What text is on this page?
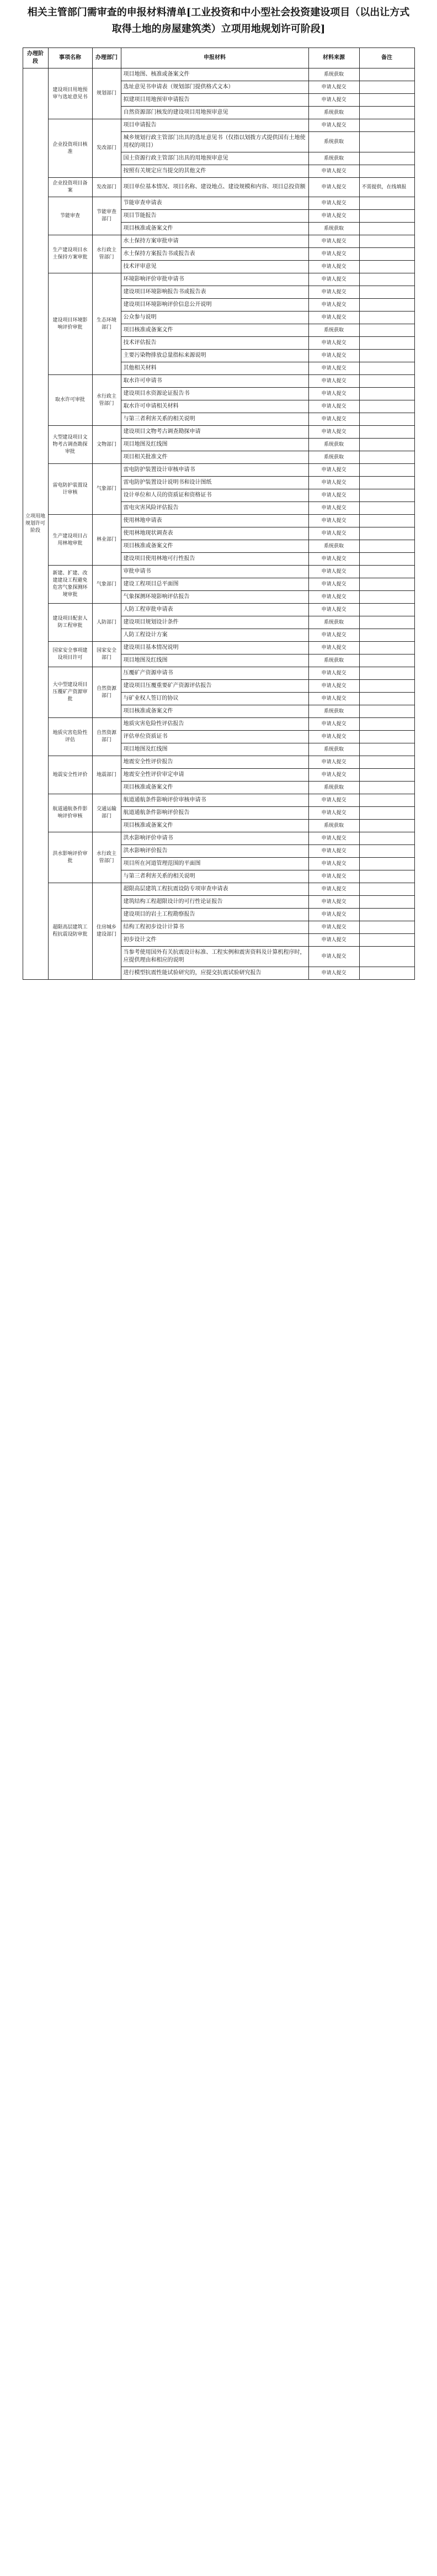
相关主管部门需审查的申报材料清单[工业投资和中小型社会投资建设项目（以出让方式取得土地的房屋建筑类）立项用地规划许可阶段]
办理阶段	事项名称	办理部门	申报材料	材料来源	备注
立项用地规划许可阶段	建设项目用地预审与选址意见书	规划部门	项目地图、核准或备案文件	系统获取	
			选址意见书申请表（规划部门提供格式文本）	申请人提交	
			拟建项目用地预审申请报告	申请人提交	
			自然资源部门核发的建设项目用地预审意见	系统获取	
	企业投资项目核准	发改部门	项目申请报告	申请人提交	
			城乡规划行政主管部门出具的选址意见书（仅指以划拨方式提供国有土地使用权的项目）	系统获取	
			国土资源行政主管部门出具的用地预审意见	系统获取	
			按照有关规定应当提交的其他文件	申请人提交	
	企业投资项目备案	发改部门	项目单位基本情况、项目名称、建设地点、建设规模和内容、项目总投资额	申请人提交	不需提供，在线填报
	节能审查	节能审查部门	节能审查申请表	申请人提交	
			项目节能报告	申请人提交	
			项目核准或备案文件	系统获取	
	生产建设项目水土保持方案审批	水行政主管部门	水土保持方案审批申请	申请人提交	
			水土保持方案报告书或报告表	申请人提交	
			技术评审意见	申请人提交	
	建设项目环境影响评价审批	生态环境部门	环境影响评价审批申请书	申请人提交	
			建设项目环境影响报告书或报告表	申请人提交	
			建设项目环境影响评价信息公开说明	申请人提交	
			公众参与说明	申请人提交	
			项目核准或备案文件	系统获取	
			技术评估报告	申请人提交	
			主要污染物排放总量指标来源说明	申请人提交	
			其他相关材料	申请人提交	
	取水许可审批	水行政主管部门	取水许可申请书	申请人提交	
			建设项目水资源论证报告书	申请人提交	
			取水许可申请相关材料	申请人提交	
			与第三者利害关系的相关说明	申请人提交	
	大型建设项目文物考古调查勘探审批	文物部门	建设项目文物考古调查勘探申请	申请人提交	
			项目地图及红线图	系统获取	
			项目相关批准文件	系统获取	
	雷电防护装置设计审核	气象部门	雷电防护装置设计审核申请书	申请人提交	
			雷电防护装置设计说明书和设计图纸	申请人提交	
			设计单位和人员的资质证和资格证书	申请人提交	
			雷电灾害风险评估报告	申请人提交	
	生产建设项目占用林地审批	林业部门	使用林地申请表	申请人提交	
			使用林地现状调查表	申请人提交	
			项目核准或备案文件	系统获取	
			建设项目使用林地可行性报告	申请人提交	
	新建、扩建、改建建设工程避免危害气象探测环境审批	气象部门	审批申请书	申请人提交	
			建设工程项目总平面图	申请人提交	
			气象探测环境影响评估报告	申请人提交	
	建设项目配套人防工程审批	人防部门	人防工程审批申请表	申请人提交	
			建设项目规划设计条件	系统获取	
			人防工程设计方案	申请人提交	
	国家安全事项建设项目许可	国家安全部门	建设项目基本情况说明	申请人提交	
			项目地图及红线图	系统获取	
	大中型建设项目压覆矿产资源审批	自然资源部门	压覆矿产资源申请书	申请人提交	
			建设项目压覆重要矿产资源评估报告	申请人提交	
			与矿业权人签订的协议	申请人提交	
			项目核准或备案文件	系统获取	
	地质灾害危险性评估	自然资源部门	地质灾害危险性评估报告	申请人提交	
			评估单位资质证书	申请人提交	
			项目地图及红线图	系统获取	
	地震安全性评价	地震部门	地震安全性评价报告	申请人提交	
			地震安全性评价审定申请	申请人提交	
			项目核准或备案文件	系统获取	
	航道通航条件影响评价审核	交通运输部门	航道通航条件影响评价审核申请书	申请人提交	
			航道通航条件影响评价报告	申请人提交	
			项目核准或备案文件	系统获取	
	洪水影响评价审批	水行政主管部门	洪水影响评价申请书	申请人提交	
			洪水影响评价报告	申请人提交	
			项目所在河道管理范围的平面图	申请人提交	
			与第三者利害关系的相关说明	申请人提交	
	超限高层建筑工程抗震设防审批	住房城乡建设部门	超限高层建筑工程抗震设防专项审查申请表	申请人提交	
			建筑结构工程超限设计的可行性论证报告	申请人提交	
			建设项目的岩土工程勘察报告	申请人提交	
			结构工程初步设计计算书	申请人提交	
			初步设计文件	申请人提交	
			当参考使用国外有关抗震设计标准、工程实例和震害资料及计算机程序时，应提供理由和相应的说明	申请人提交	
			进行模型抗震性能试验研究的，应提交抗震试验研究报告	申请人提交	
